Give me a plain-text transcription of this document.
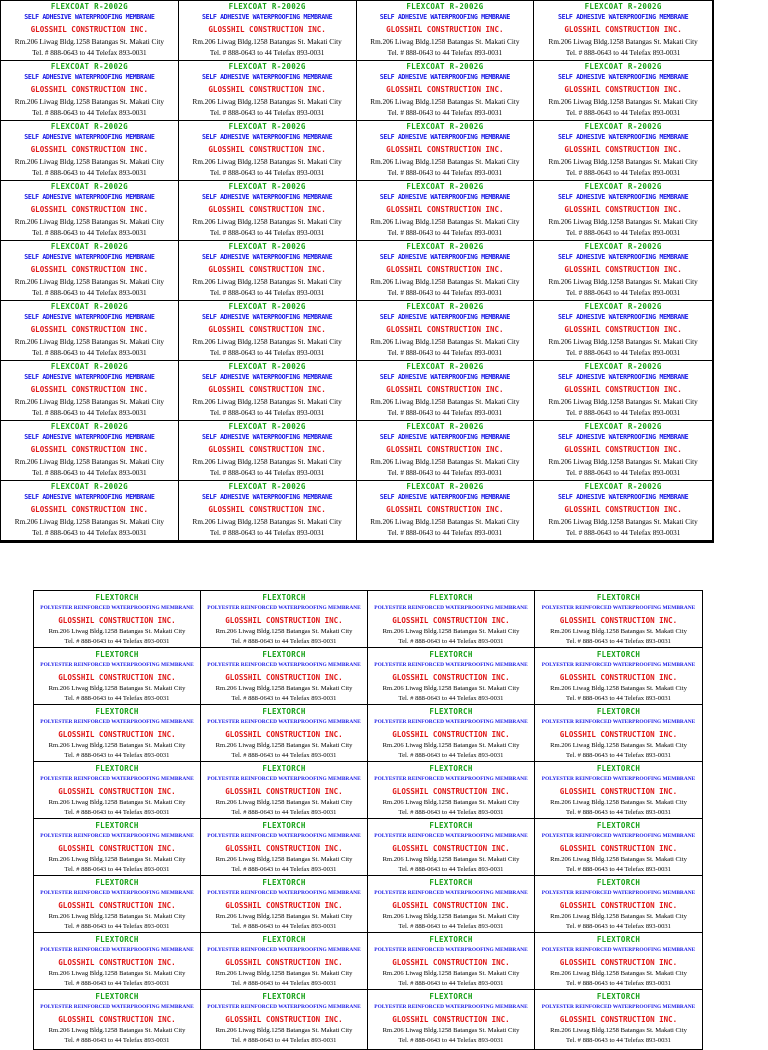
FLEXCOAT R-2002G
SELF ADHESIVE WATERPROOFING MEMBRANE
GLOSSHIL CONSTRUCTION INC.
Rm.206 Liwag Bldg.1258 Batangas St. Makati City
Tel. # 888-0643 to 44 Telefax 893-0031
FLEXCOAT R-2002G
SELF ADHESIVE WATERPROOFING MEMBRANE
GLOSSHIL CONSTRUCTION INC.
Rm.206 Liwag Bldg.1258 Batangas St. Makati City
Tel. # 888-0643 to 44 Telefax 893-0031
FLEXCOAT R-2002G
SELF ADHESIVE WATERPROOFING MEMBRANE
GLOSSHIL CONSTRUCTION INC.
Rm.206 Liwag Bldg.1258 Batangas St. Makati City
Tel. # 888-0643 to 44 Telefax 893-0031
FLEXCOAT R-2002G
SELF ADHESIVE WATERPROOFING MEMBRANE
GLOSSHIL CONSTRUCTION INC.
Rm.206 Liwag Bldg.1258 Batangas St. Makati City
Tel. # 888-0643 to 44 Telefax 893-0031
FLEXCOAT R-2002G
SELF ADHESIVE WATERPROOFING MEMBRANE
GLOSSHIL CONSTRUCTION INC.
Rm.206 Liwag Bldg.1258 Batangas St. Makati City
Tel. # 888-0643 to 44 Telefax 893-0031
FLEXCOAT R-2002G
SELF ADHESIVE WATERPROOFING MEMBRANE
GLOSSHIL CONSTRUCTION INC.
Rm.206 Liwag Bldg.1258 Batangas St. Makati City
Tel. # 888-0643 to 44 Telefax 893-0031
FLEXCOAT R-2002G
SELF ADHESIVE WATERPROOFING MEMBRANE
GLOSSHIL CONSTRUCTION INC.
Rm.206 Liwag Bldg.1258 Batangas St. Makati City
Tel. # 888-0643 to 44 Telefax 893-0031
FLEXCOAT R-2002G
SELF ADHESIVE WATERPROOFING MEMBRANE
GLOSSHIL CONSTRUCTION INC.
Rm.206 Liwag Bldg.1258 Batangas St. Makati City
Tel. # 888-0643 to 44 Telefax 893-0031
FLEXCOAT R-2002G
SELF ADHESIVE WATERPROOFING MEMBRANE
GLOSSHIL CONSTRUCTION INC.
Rm.206 Liwag Bldg.1258 Batangas St. Makati City
Tel. # 888-0643 to 44 Telefax 893-0031
FLEXCOAT R-2002G
SELF ADHESIVE WATERPROOFING MEMBRANE
GLOSSHIL CONSTRUCTION INC.
Rm.206 Liwag Bldg.1258 Batangas St. Makati City
Tel. # 888-0643 to 44 Telefax 893-0031
FLEXCOAT R-2002G
SELF ADHESIVE WATERPROOFING MEMBRANE
GLOSSHIL CONSTRUCTION INC.
Rm.206 Liwag Bldg.1258 Batangas St. Makati City
Tel. # 888-0643 to 44 Telefax 893-0031
FLEXCOAT R-2002G
SELF ADHESIVE WATERPROOFING MEMBRANE
GLOSSHIL CONSTRUCTION INC.
Rm.206 Liwag Bldg.1258 Batangas St. Makati City
Tel. # 888-0643 to 44 Telefax 893-0031
FLEXCOAT R-2002G
SELF ADHESIVE WATERPROOFING MEMBRANE
GLOSSHIL CONSTRUCTION INC.
Rm.206 Liwag Bldg.1258 Batangas St. Makati City
Tel. # 888-0643 to 44 Telefax 893-0031
FLEXCOAT R-2002G
SELF ADHESIVE WATERPROOFING MEMBRANE
GLOSSHIL CONSTRUCTION INC.
Rm.206 Liwag Bldg.1258 Batangas St. Makati City
Tel. # 888-0643 to 44 Telefax 893-0031
FLEXCOAT R-2002G
SELF ADHESIVE WATERPROOFING MEMBRANE
GLOSSHIL CONSTRUCTION INC.
Rm.206 Liwag Bldg.1258 Batangas St. Makati City
Tel. # 888-0643 to 44 Telefax 893-0031
FLEXCOAT R-2002G
SELF ADHESIVE WATERPROOFING MEMBRANE
GLOSSHIL CONSTRUCTION INC.
Rm.206 Liwag Bldg.1258 Batangas St. Makati City
Tel. # 888-0643 to 44 Telefax 893-0031
FLEXCOAT R-2002G
SELF ADHESIVE WATERPROOFING MEMBRANE
GLOSSHIL CONSTRUCTION INC.
Rm.206 Liwag Bldg.1258 Batangas St. Makati City
Tel. # 888-0643 to 44 Telefax 893-0031
FLEXCOAT R-2002G
SELF ADHESIVE WATERPROOFING MEMBRANE
GLOSSHIL CONSTRUCTION INC.
Rm.206 Liwag Bldg.1258 Batangas St. Makati City
Tel. # 888-0643 to 44 Telefax 893-0031
FLEXCOAT R-2002G
SELF ADHESIVE WATERPROOFING MEMBRANE
GLOSSHIL CONSTRUCTION INC.
Rm.206 Liwag Bldg.1258 Batangas St. Makati City
Tel. # 888-0643 to 44 Telefax 893-0031
FLEXCOAT R-2002G
SELF ADHESIVE WATERPROOFING MEMBRANE
GLOSSHIL CONSTRUCTION INC.
Rm.206 Liwag Bldg.1258 Batangas St. Makati City
Tel. # 888-0643 to 44 Telefax 893-0031
FLEXCOAT R-2002G
SELF ADHESIVE WATERPROOFING MEMBRANE
GLOSSHIL CONSTRUCTION INC.
Rm.206 Liwag Bldg.1258 Batangas St. Makati City
Tel. # 888-0643 to 44 Telefax 893-0031
FLEXCOAT R-2002G
SELF ADHESIVE WATERPROOFING MEMBRANE
GLOSSHIL CONSTRUCTION INC.
Rm.206 Liwag Bldg.1258 Batangas St. Makati City
Tel. # 888-0643 to 44 Telefax 893-0031
FLEXCOAT R-2002G
SELF ADHESIVE WATERPROOFING MEMBRANE
GLOSSHIL CONSTRUCTION INC.
Rm.206 Liwag Bldg.1258 Batangas St. Makati City
Tel. # 888-0643 to 44 Telefax 893-0031
FLEXCOAT R-2002G
SELF ADHESIVE WATERPROOFING MEMBRANE
GLOSSHIL CONSTRUCTION INC.
Rm.206 Liwag Bldg.1258 Batangas St. Makati City
Tel. # 888-0643 to 44 Telefax 893-0031
FLEXCOAT R-2002G
SELF ADHESIVE WATERPROOFING MEMBRANE
GLOSSHIL CONSTRUCTION INC.
Rm.206 Liwag Bldg.1258 Batangas St. Makati City
Tel. # 888-0643 to 44 Telefax 893-0031
FLEXCOAT R-2002G
SELF ADHESIVE WATERPROOFING MEMBRANE
GLOSSHIL CONSTRUCTION INC.
Rm.206 Liwag Bldg.1258 Batangas St. Makati City
Tel. # 888-0643 to 44 Telefax 893-0031
FLEXCOAT R-2002G
SELF ADHESIVE WATERPROOFING MEMBRANE
GLOSSHIL CONSTRUCTION INC.
Rm.206 Liwag Bldg.1258 Batangas St. Makati City
Tel. # 888-0643 to 44 Telefax 893-0031
FLEXCOAT R-2002G
SELF ADHESIVE WATERPROOFING MEMBRANE
GLOSSHIL CONSTRUCTION INC.
Rm.206 Liwag Bldg.1258 Batangas St. Makati City
Tel. # 888-0643 to 44 Telefax 893-0031
FLEXCOAT R-2002G
SELF ADHESIVE WATERPROOFING MEMBRANE
GLOSSHIL CONSTRUCTION INC.
Rm.206 Liwag Bldg.1258 Batangas St. Makati City
Tel. # 888-0643 to 44 Telefax 893-0031
FLEXCOAT R-2002G
SELF ADHESIVE WATERPROOFING MEMBRANE
GLOSSHIL CONSTRUCTION INC.
Rm.206 Liwag Bldg.1258 Batangas St. Makati City
Tel. # 888-0643 to 44 Telefax 893-0031
FLEXCOAT R-2002G
SELF ADHESIVE WATERPROOFING MEMBRANE
GLOSSHIL CONSTRUCTION INC.
Rm.206 Liwag Bldg.1258 Batangas St. Makati City
Tel. # 888-0643 to 44 Telefax 893-0031
FLEXCOAT R-2002G
SELF ADHESIVE WATERPROOFING MEMBRANE
GLOSSHIL CONSTRUCTION INC.
Rm.206 Liwag Bldg.1258 Batangas St. Makati City
Tel. # 888-0643 to 44 Telefax 893-0031
FLEXCOAT R-2002G
SELF ADHESIVE WATERPROOFING MEMBRANE
GLOSSHIL CONSTRUCTION INC.
Rm.206 Liwag Bldg.1258 Batangas St. Makati City
Tel. # 888-0643 to 44 Telefax 893-0031
FLEXCOAT R-2002G
SELF ADHESIVE WATERPROOFING MEMBRANE
GLOSSHIL CONSTRUCTION INC.
Rm.206 Liwag Bldg.1258 Batangas St. Makati City
Tel. # 888-0643 to 44 Telefax 893-0031
FLEXCOAT R-2002G
SELF ADHESIVE WATERPROOFING MEMBRANE
GLOSSHIL CONSTRUCTION INC.
Rm.206 Liwag Bldg.1258 Batangas St. Makati City
Tel. # 888-0643 to 44 Telefax 893-0031
FLEXCOAT R-2002G
SELF ADHESIVE WATERPROOFING MEMBRANE
GLOSSHIL CONSTRUCTION INC.
Rm.206 Liwag Bldg.1258 Batangas St. Makati City
Tel. # 888-0643 to 44 Telefax 893-0031
FLEXTORCH
POLYESTER REINFORCED WATERPROOFING MEMBRANE
GLOSSHIL CONSTRUCTION INC.
Rm.206 Liwag Bldg.1258 Batangas St. Makati City
Tel. # 888-0643 to 44 Telefax 893-0031
FLEXTORCH
POLYESTER REINFORCED WATERPROOFING MEMBRANE
GLOSSHIL CONSTRUCTION INC.
Rm.206 Liwag Bldg.1258 Batangas St. Makati City
Tel. # 888-0643 to 44 Telefax 893-0031
FLEXTORCH
POLYESTER REINFORCED WATERPROOFING MEMBRANE
GLOSSHIL CONSTRUCTION INC.
Rm.206 Liwag Bldg.1258 Batangas St. Makati City
Tel. # 888-0643 to 44 Telefax 893-0031
FLEXTORCH
POLYESTER REINFORCED WATERPROOFING MEMBRANE
GLOSSHIL CONSTRUCTION INC.
Rm.206 Liwag Bldg.1258 Batangas St. Makati City
Tel. # 888-0643 to 44 Telefax 893-0031
FLEXTORCH
POLYESTER REINFORCED WATERPROOFING MEMBRANE
GLOSSHIL CONSTRUCTION INC.
Rm.206 Liwag Bldg.1258 Batangas St. Makati City
Tel. # 888-0643 to 44 Telefax 893-0031
FLEXTORCH
POLYESTER REINFORCED WATERPROOFING MEMBRANE
GLOSSHIL CONSTRUCTION INC.
Rm.206 Liwag Bldg.1258 Batangas St. Makati City
Tel. # 888-0643 to 44 Telefax 893-0031
FLEXTORCH
POLYESTER REINFORCED WATERPROOFING MEMBRANE
GLOSSHIL CONSTRUCTION INC.
Rm.206 Liwag Bldg.1258 Batangas St. Makati City
Tel. # 888-0643 to 44 Telefax 893-0031
FLEXTORCH
POLYESTER REINFORCED WATERPROOFING MEMBRANE
GLOSSHIL CONSTRUCTION INC.
Rm.206 Liwag Bldg.1258 Batangas St. Makati City
Tel. # 888-0643 to 44 Telefax 893-0031
FLEXTORCH
POLYESTER REINFORCED WATERPROOFING MEMBRANE
GLOSSHIL CONSTRUCTION INC.
Rm.206 Liwag Bldg.1258 Batangas St. Makati City
Tel. # 888-0643 to 44 Telefax 893-0031
FLEXTORCH
POLYESTER REINFORCED WATERPROOFING MEMBRANE
GLOSSHIL CONSTRUCTION INC.
Rm.206 Liwag Bldg.1258 Batangas St. Makati City
Tel. # 888-0643 to 44 Telefax 893-0031
FLEXTORCH
POLYESTER REINFORCED WATERPROOFING MEMBRANE
GLOSSHIL CONSTRUCTION INC.
Rm.206 Liwag Bldg.1258 Batangas St. Makati City
Tel. # 888-0643 to 44 Telefax 893-0031
FLEXTORCH
POLYESTER REINFORCED WATERPROOFING MEMBRANE
GLOSSHIL CONSTRUCTION INC.
Rm.206 Liwag Bldg.1258 Batangas St. Makati City
Tel. # 888-0643 to 44 Telefax 893-0031
FLEXTORCH
POLYESTER REINFORCED WATERPROOFING MEMBRANE
GLOSSHIL CONSTRUCTION INC.
Rm.206 Liwag Bldg.1258 Batangas St. Makati City
Tel. # 888-0643 to 44 Telefax 893-0031
FLEXTORCH
POLYESTER REINFORCED WATERPROOFING MEMBRANE
GLOSSHIL CONSTRUCTION INC.
Rm.206 Liwag Bldg.1258 Batangas St. Makati City
Tel. # 888-0643 to 44 Telefax 893-0031
FLEXTORCH
POLYESTER REINFORCED WATERPROOFING MEMBRANE
GLOSSHIL CONSTRUCTION INC.
Rm.206 Liwag Bldg.1258 Batangas St. Makati City
Tel. # 888-0643 to 44 Telefax 893-0031
FLEXTORCH
POLYESTER REINFORCED WATERPROOFING MEMBRANE
GLOSSHIL CONSTRUCTION INC.
Rm.206 Liwag Bldg.1258 Batangas St. Makati City
Tel. # 888-0643 to 44 Telefax 893-0031
FLEXTORCH
POLYESTER REINFORCED WATERPROOFING MEMBRANE
GLOSSHIL CONSTRUCTION INC.
Rm.206 Liwag Bldg.1258 Batangas St. Makati City
Tel. # 888-0643 to 44 Telefax 893-0031
FLEXTORCH
POLYESTER REINFORCED WATERPROOFING MEMBRANE
GLOSSHIL CONSTRUCTION INC.
Rm.206 Liwag Bldg.1258 Batangas St. Makati City
Tel. # 888-0643 to 44 Telefax 893-0031
FLEXTORCH
POLYESTER REINFORCED WATERPROOFING MEMBRANE
GLOSSHIL CONSTRUCTION INC.
Rm.206 Liwag Bldg.1258 Batangas St. Makati City
Tel. # 888-0643 to 44 Telefax 893-0031
FLEXTORCH
POLYESTER REINFORCED WATERPROOFING MEMBRANE
GLOSSHIL CONSTRUCTION INC.
Rm.206 Liwag Bldg.1258 Batangas St. Makati City
Tel. # 888-0643 to 44 Telefax 893-0031
FLEXTORCH
POLYESTER REINFORCED WATERPROOFING MEMBRANE
GLOSSHIL CONSTRUCTION INC.
Rm.206 Liwag Bldg.1258 Batangas St. Makati City
Tel. # 888-0643 to 44 Telefax 893-0031
FLEXTORCH
POLYESTER REINFORCED WATERPROOFING MEMBRANE
GLOSSHIL CONSTRUCTION INC.
Rm.206 Liwag Bldg.1258 Batangas St. Makati City
Tel. # 888-0643 to 44 Telefax 893-0031
FLEXTORCH
POLYESTER REINFORCED WATERPROOFING MEMBRANE
GLOSSHIL CONSTRUCTION INC.
Rm.206 Liwag Bldg.1258 Batangas St. Makati City
Tel. # 888-0643 to 44 Telefax 893-0031
FLEXTORCH
POLYESTER REINFORCED WATERPROOFING MEMBRANE
GLOSSHIL CONSTRUCTION INC.
Rm.206 Liwag Bldg.1258 Batangas St. Makati City
Tel. # 888-0643 to 44 Telefax 893-0031
FLEXTORCH
POLYESTER REINFORCED WATERPROOFING MEMBRANE
GLOSSHIL CONSTRUCTION INC.
Rm.206 Liwag Bldg.1258 Batangas St. Makati City
Tel. # 888-0643 to 44 Telefax 893-0031
FLEXTORCH
POLYESTER REINFORCED WATERPROOFING MEMBRANE
GLOSSHIL CONSTRUCTION INC.
Rm.206 Liwag Bldg.1258 Batangas St. Makati City
Tel. # 888-0643 to 44 Telefax 893-0031
FLEXTORCH
POLYESTER REINFORCED WATERPROOFING MEMBRANE
GLOSSHIL CONSTRUCTION INC.
Rm.206 Liwag Bldg.1258 Batangas St. Makati City
Tel. # 888-0643 to 44 Telefax 893-0031
FLEXTORCH
POLYESTER REINFORCED WATERPROOFING MEMBRANE
GLOSSHIL CONSTRUCTION INC.
Rm.206 Liwag Bldg.1258 Batangas St. Makati City
Tel. # 888-0643 to 44 Telefax 893-0031
FLEXTORCH
POLYESTER REINFORCED WATERPROOFING MEMBRANE
GLOSSHIL CONSTRUCTION INC.
Rm.206 Liwag Bldg.1258 Batangas St. Makati City
Tel. # 888-0643 to 44 Telefax 893-0031
FLEXTORCH
POLYESTER REINFORCED WATERPROOFING MEMBRANE
GLOSSHIL CONSTRUCTION INC.
Rm.206 Liwag Bldg.1258 Batangas St. Makati City
Tel. # 888-0643 to 44 Telefax 893-0031
FLEXTORCH
POLYESTER REINFORCED WATERPROOFING MEMBRANE
GLOSSHIL CONSTRUCTION INC.
Rm.206 Liwag Bldg.1258 Batangas St. Makati City
Tel. # 888-0643 to 44 Telefax 893-0031
FLEXTORCH
POLYESTER REINFORCED WATERPROOFING MEMBRANE
GLOSSHIL CONSTRUCTION INC.
Rm.206 Liwag Bldg.1258 Batangas St. Makati City
Tel. # 888-0643 to 44 Telefax 893-0031
